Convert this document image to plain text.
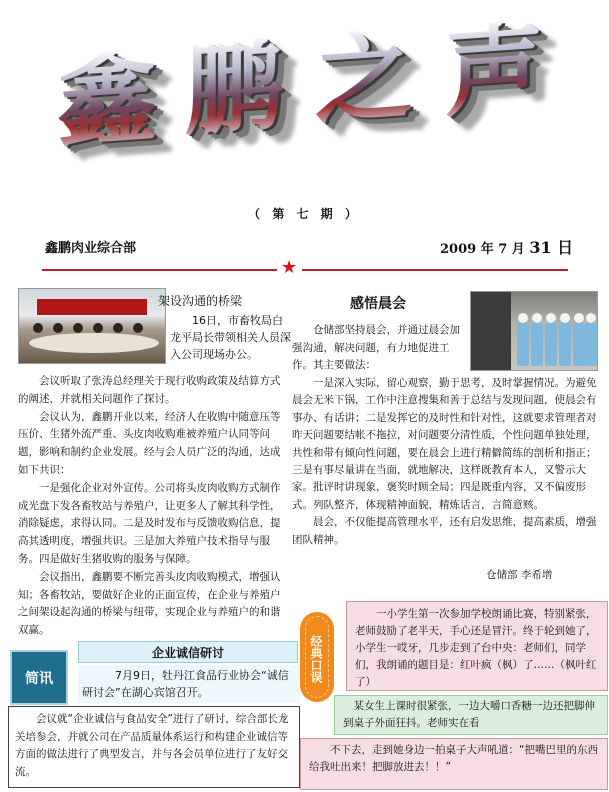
鑫 鹏 之 声
（ 第 七 期 ）
鑫鹏肉业综合部	2009 年 7 月 31 日
★
架设沟通的桥梁
16日，市畜牧局白龙平局长带领相关人员深入公司现场办公。

会议听取了张涛总经理关于现行收购政策及结算方式的阐述，并就相关问题作了探讨。

会议认为，鑫鹏开业以来，经济人在收购中随意压等压价、生猪外流严重、头皮肉收购难被养殖户认同等问题，影响和制约企业发展。经与会人员广泛的沟通，达成如下共识：

一是强化企业对外宣传。公司将头皮肉收购方式制作成光盘下发各畜牧站与养殖户，让更多人了解其科学性，消除疑虑，求得认同。二是及时发布与反馈收购信息，提高其透明度，增强共识。三是加大养殖户技术指导与服务。四是做好生猪收购的服务与保障。

会议指出，鑫鹏要不断完善头皮肉收购模式，增强认知；各畜牧站，要做好企业的正面宣传，在企业与养殖户之间架设起沟通的桥梁与纽带，实现企业与养殖户的和谐双赢。

感悟晨会
仓储部坚持晨会，并通过晨会加强沟通，解决问题，有力地促进工作。其主要做法：

一是深入实际，留心观察，勤于思考，及时掌握情况。为避免晨会无米下锅，工作中注意搜集和善于总结与发现问题，使晨会有事办、有话讲；二是发挥它的及时性和针对性，这就要求管理者对昨天问题要结帐不拖拉，对问题要分清性质，个性问题单独处理，共性和带有倾向性问题，要在晨会上进行精僻简练的剖析和指正；三是有事尽量讲在当面，就地解决，这样既教育本人，又警示大家。批评时讲现象，褒奖时顾全局；四是既重内容，又不偏废形式。列队整齐，体现精神面貌，精炼话言，言简意赅。

晨会，不仅能提高管理水平，还有启发思维，提高素质，增强团队精神。

仓储部 李希增
简讯
企业诚信研讨
7月9日，牡丹江食品行业协会“诚信研讨会”在湖心宾馆召开。
会议就“企业诚信与食品安全”进行了研讨，综合部长龙关培参会，并就公司在产品质量体系运行和构建企业诚信等方面的做法进行了典型发言，并与各会员单位进行了友好交流。
经典口误
一小学生第一次参加学校朗诵比赛，特别紧张，老师鼓励了老半天，手心还是冒汗。终于轮到她了，小学生一哎牙，几步走到了台中央：老师们，同学们，我朗诵的题目是：红叶疯（枫）了……（枫叶红了）
某女生上课时很紧张，一边大嚼口香糖一边还把脚伸到桌子外面狂抖。老师实在看
不下去，走到她身边一拍桌子大声吼道：“把嘴巴里的东西给我吐出来！把脚放进去！！”
